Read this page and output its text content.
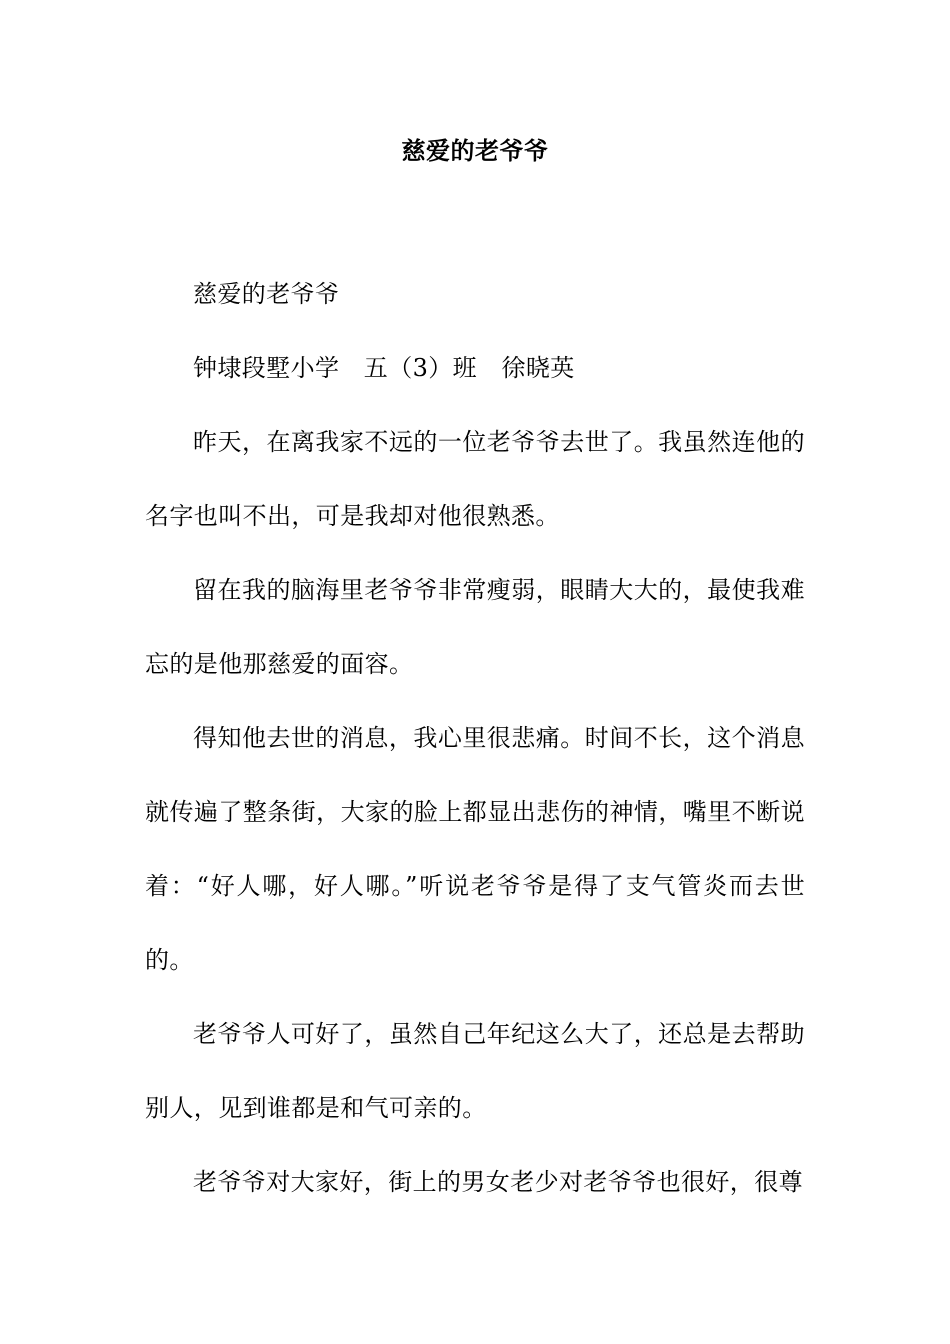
慈爱的老爷爷

慈爱的老爷爷

钟埭段墅小学　五（3）班　徐晓英

昨天，在离我家不远的一位老爷爷去世了。我虽然连他的名字也叫不出，可是我却对他很熟悉。

留在我的脑海里老爷爷非常瘦弱，眼睛大大的，最使我难忘的是他那慈爱的面容。

得知他去世的消息，我心里很悲痛。时间不长，这个消息就传遍了整条街，大家的脸上都显出悲伤的神情，嘴里不断说着：“好人哪，好人哪。”听说老爷爷是得了支气管炎而去世的。

老爷爷人可好了，虽然自己年纪这么大了，还总是去帮助别人，见到谁都是和气可亲的。

老爷爷对大家好，街上的男女老少对老爷爷也很好，很尊
